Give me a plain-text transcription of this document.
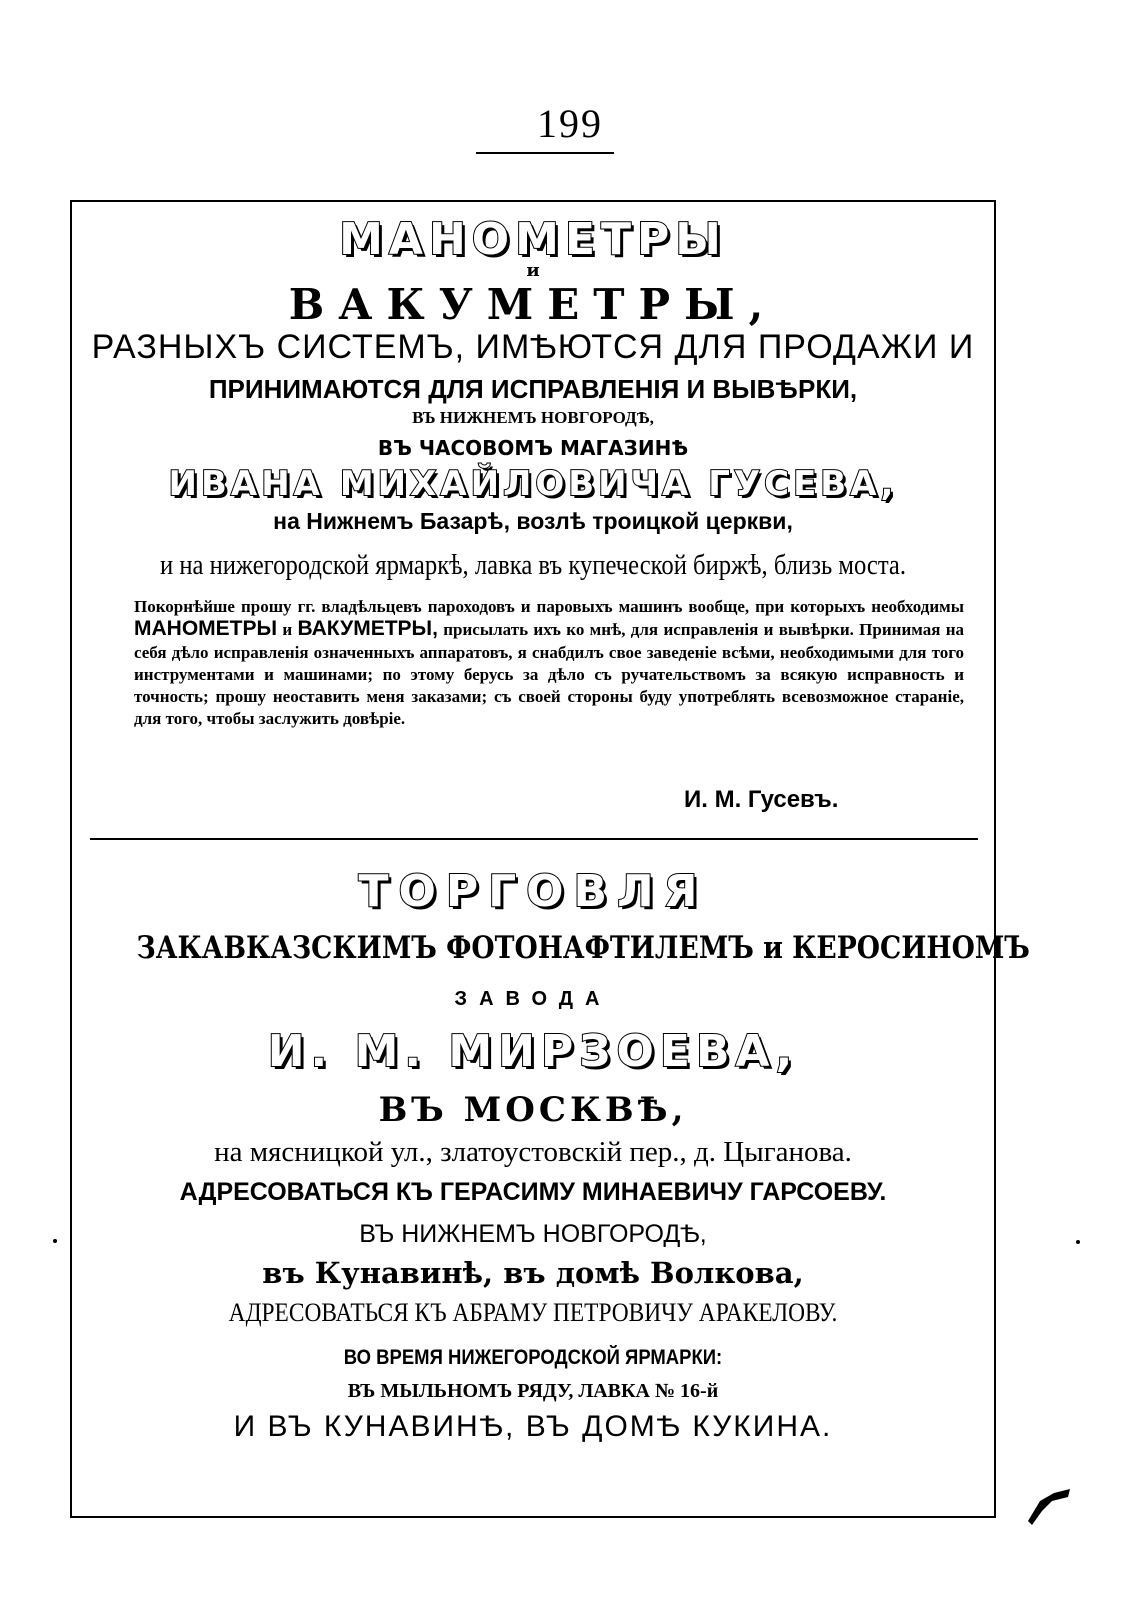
199
МАНОМЕТРЫ
и
ВАКУМЕТРЫ,
РАЗНЫХЪ СИСТЕМЪ, ИМѢЮТСЯ ДЛЯ ПРОДАЖИ И
ПРИНИМАЮТСЯ ДЛЯ ИСПРАВЛЕНІЯ И ВЫВѢРКИ,
ВЪ НИЖНЕМЪ НОВГОРОДѢ,
ВЪ ЧАСОВОМЪ МАГАЗИНѢ
ИВАНА МИХАЙЛОВИЧА ГУСЕВА,
на Нижнемъ Базарѣ, возлѣ троицкой церкви,
и на нижегородской ярмаркѣ, лавка въ купеческой биржѣ, близь моста.
Покорнѣйше прошу гг. владѣльцевъ пароходовъ и паровыхъ машинъ вообще, при которыхъ необходимы МАНОМЕТРЫ и ВАКУМЕТРЫ, присылать ихъ ко мнѣ, для исправленія и вывѣрки. Принимая на себя дѣло исправленія означенныхъ аппаратовъ, я снабдилъ свое заведеніе всѣми, необходимыми для того инструментами и машинами; по этому берусь за дѣло съ ручательствомъ за всякую исправность и точность; прошу неоставить меня заказами; съ своей стороны буду употреблять всевозможное стараніе, для того, чтобы заслужить довѣріе.
И. М. Гусевъ.
ТОРГОВЛЯ
ЗАКАВКАЗСКИМЪ ФОТОНАФТИЛЕМЪ и КЕРОСИНОМЪ
ЗАВОДА
И. М. МИРЗОЕВА,
ВЪ МОСКВѢ,
на мясницкой ул., златоустовскій пер., д. Цыганова.
АДРЕСОВАТЬСЯ КЪ ГЕРАСИМУ МИНАЕВИЧУ ГАРСОЕВУ.
ВЪ НИЖНЕМЪ НОВГОРОДѢ,
въ Кунавинѣ, въ домѣ Волкова,
АДРЕСОВАТЬСЯ КЪ АБРАМУ ПЕТРОВИЧУ АРАКЕЛОВУ.
ВО ВРЕМЯ НИЖЕГОРОДСКОЙ ЯРМАРКИ:
ВЪ МЫЛЬНОМЪ РЯДУ, ЛАВКА № 16-й
И ВЪ КУНАВИНѢ, ВЪ ДОМѢ КУКИНА.
